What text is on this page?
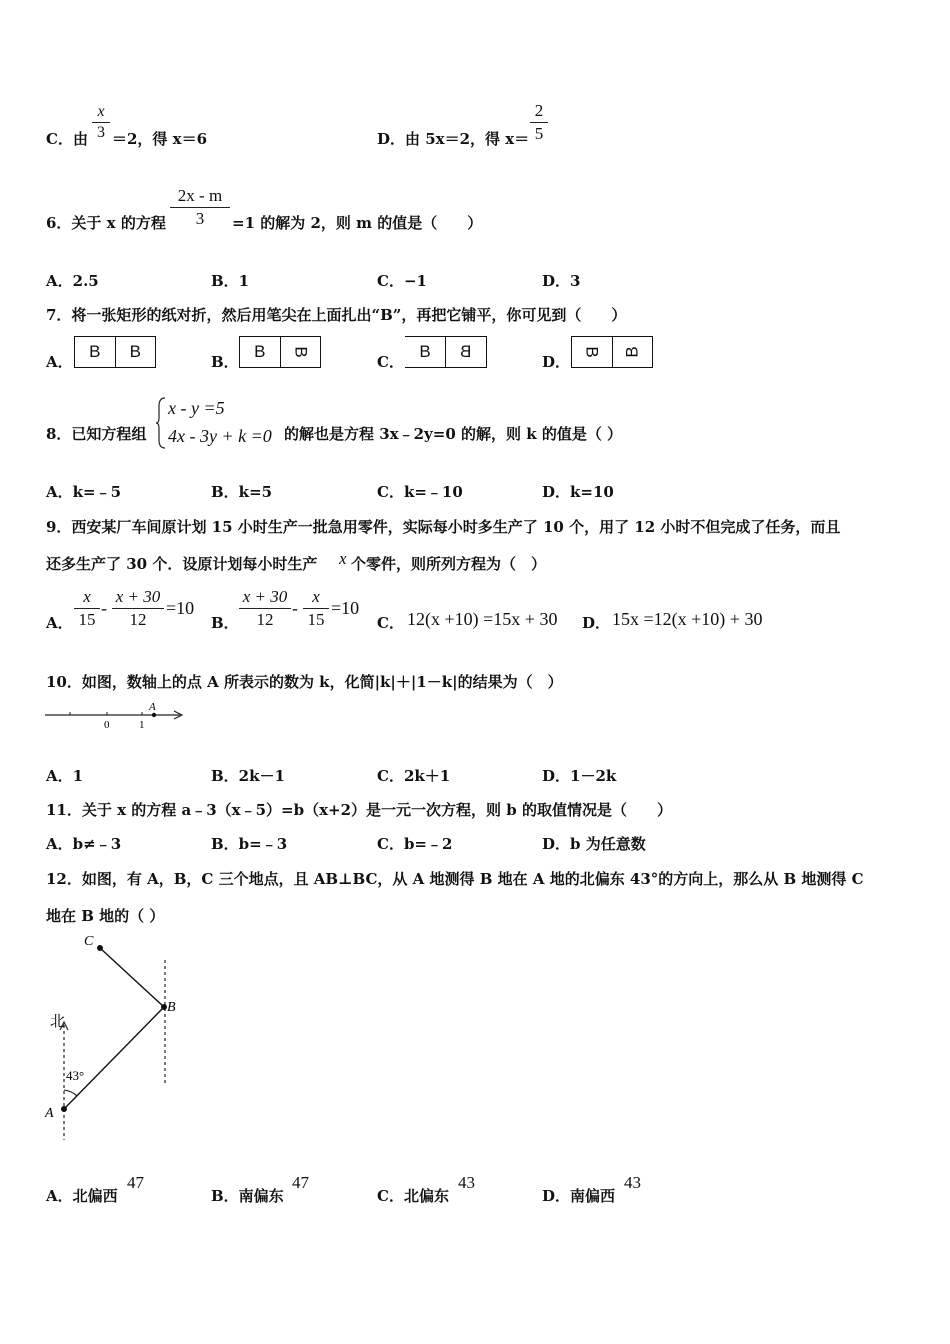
C．由 $\frac{x}{3} =2$，得 x＝6	D．由 5x＝2，得 $x= \frac{2}{5}$
6．关于 x 的方程 $\frac{2x - m}{3} =1$ 的解为 2，则 m 的值是（　　）
A．2.5	B．1	C．−1	D．3
7．将一张矩形的纸对折，然后用笔尖在上面扎出“B”，再把它铺平，你可见到（　　）
A．
B	B
B．
B	B
C．
B	B
D．
B B
8．已知方程组
x - y =5
4x - 3y + k =0 的解也是方程 3x﹣2y=0 的解，则 k 的值是（ ）
A．k=﹣5	B．k=5	C．k=﹣10	D．k=10
9．西安某厂车间原计划 15 小时生产一批急用零件，实际每小时多生产了 10 个，用了 12 小时不但完成了任务，而且
还多生产了 30 个．设原计划每小时生产 x 个零件，则所列方程为（　）
A． $\frac{x}{15} - \frac{x + 30}{12} =10$
B． $\frac{x + 30}{12} - \frac{x}{15} =10$
C． 12(x +10) =15x + 30 D． 15x =12(x +10) + 30
10．如图，数轴上的点 A 所表示的数为 k，化简|k|＋|1－k|的结果为（　）
0	1
A
A．1	B．2k－1	C．2k＋1	D．1－2k
11．关于 x 的方程 a﹣3（x﹣5）=b（x+2）是一元一次方程，则 b 的取值情况是（　　）
A．b≠﹣3	B．b=﹣3	C．b=﹣2	D．b 为任意数
12．如图，有 A，B，C 三个地点，且 AB⊥BC，从 A 地测得 B 地在 A 地的北偏东 43°的方向上，那么从 B 地测得 C
地在 B 地的（ ）
北
43°
A
B
C
A．北偏西
47
B．南偏东
47
C．北偏东
43
D．南偏西
43
